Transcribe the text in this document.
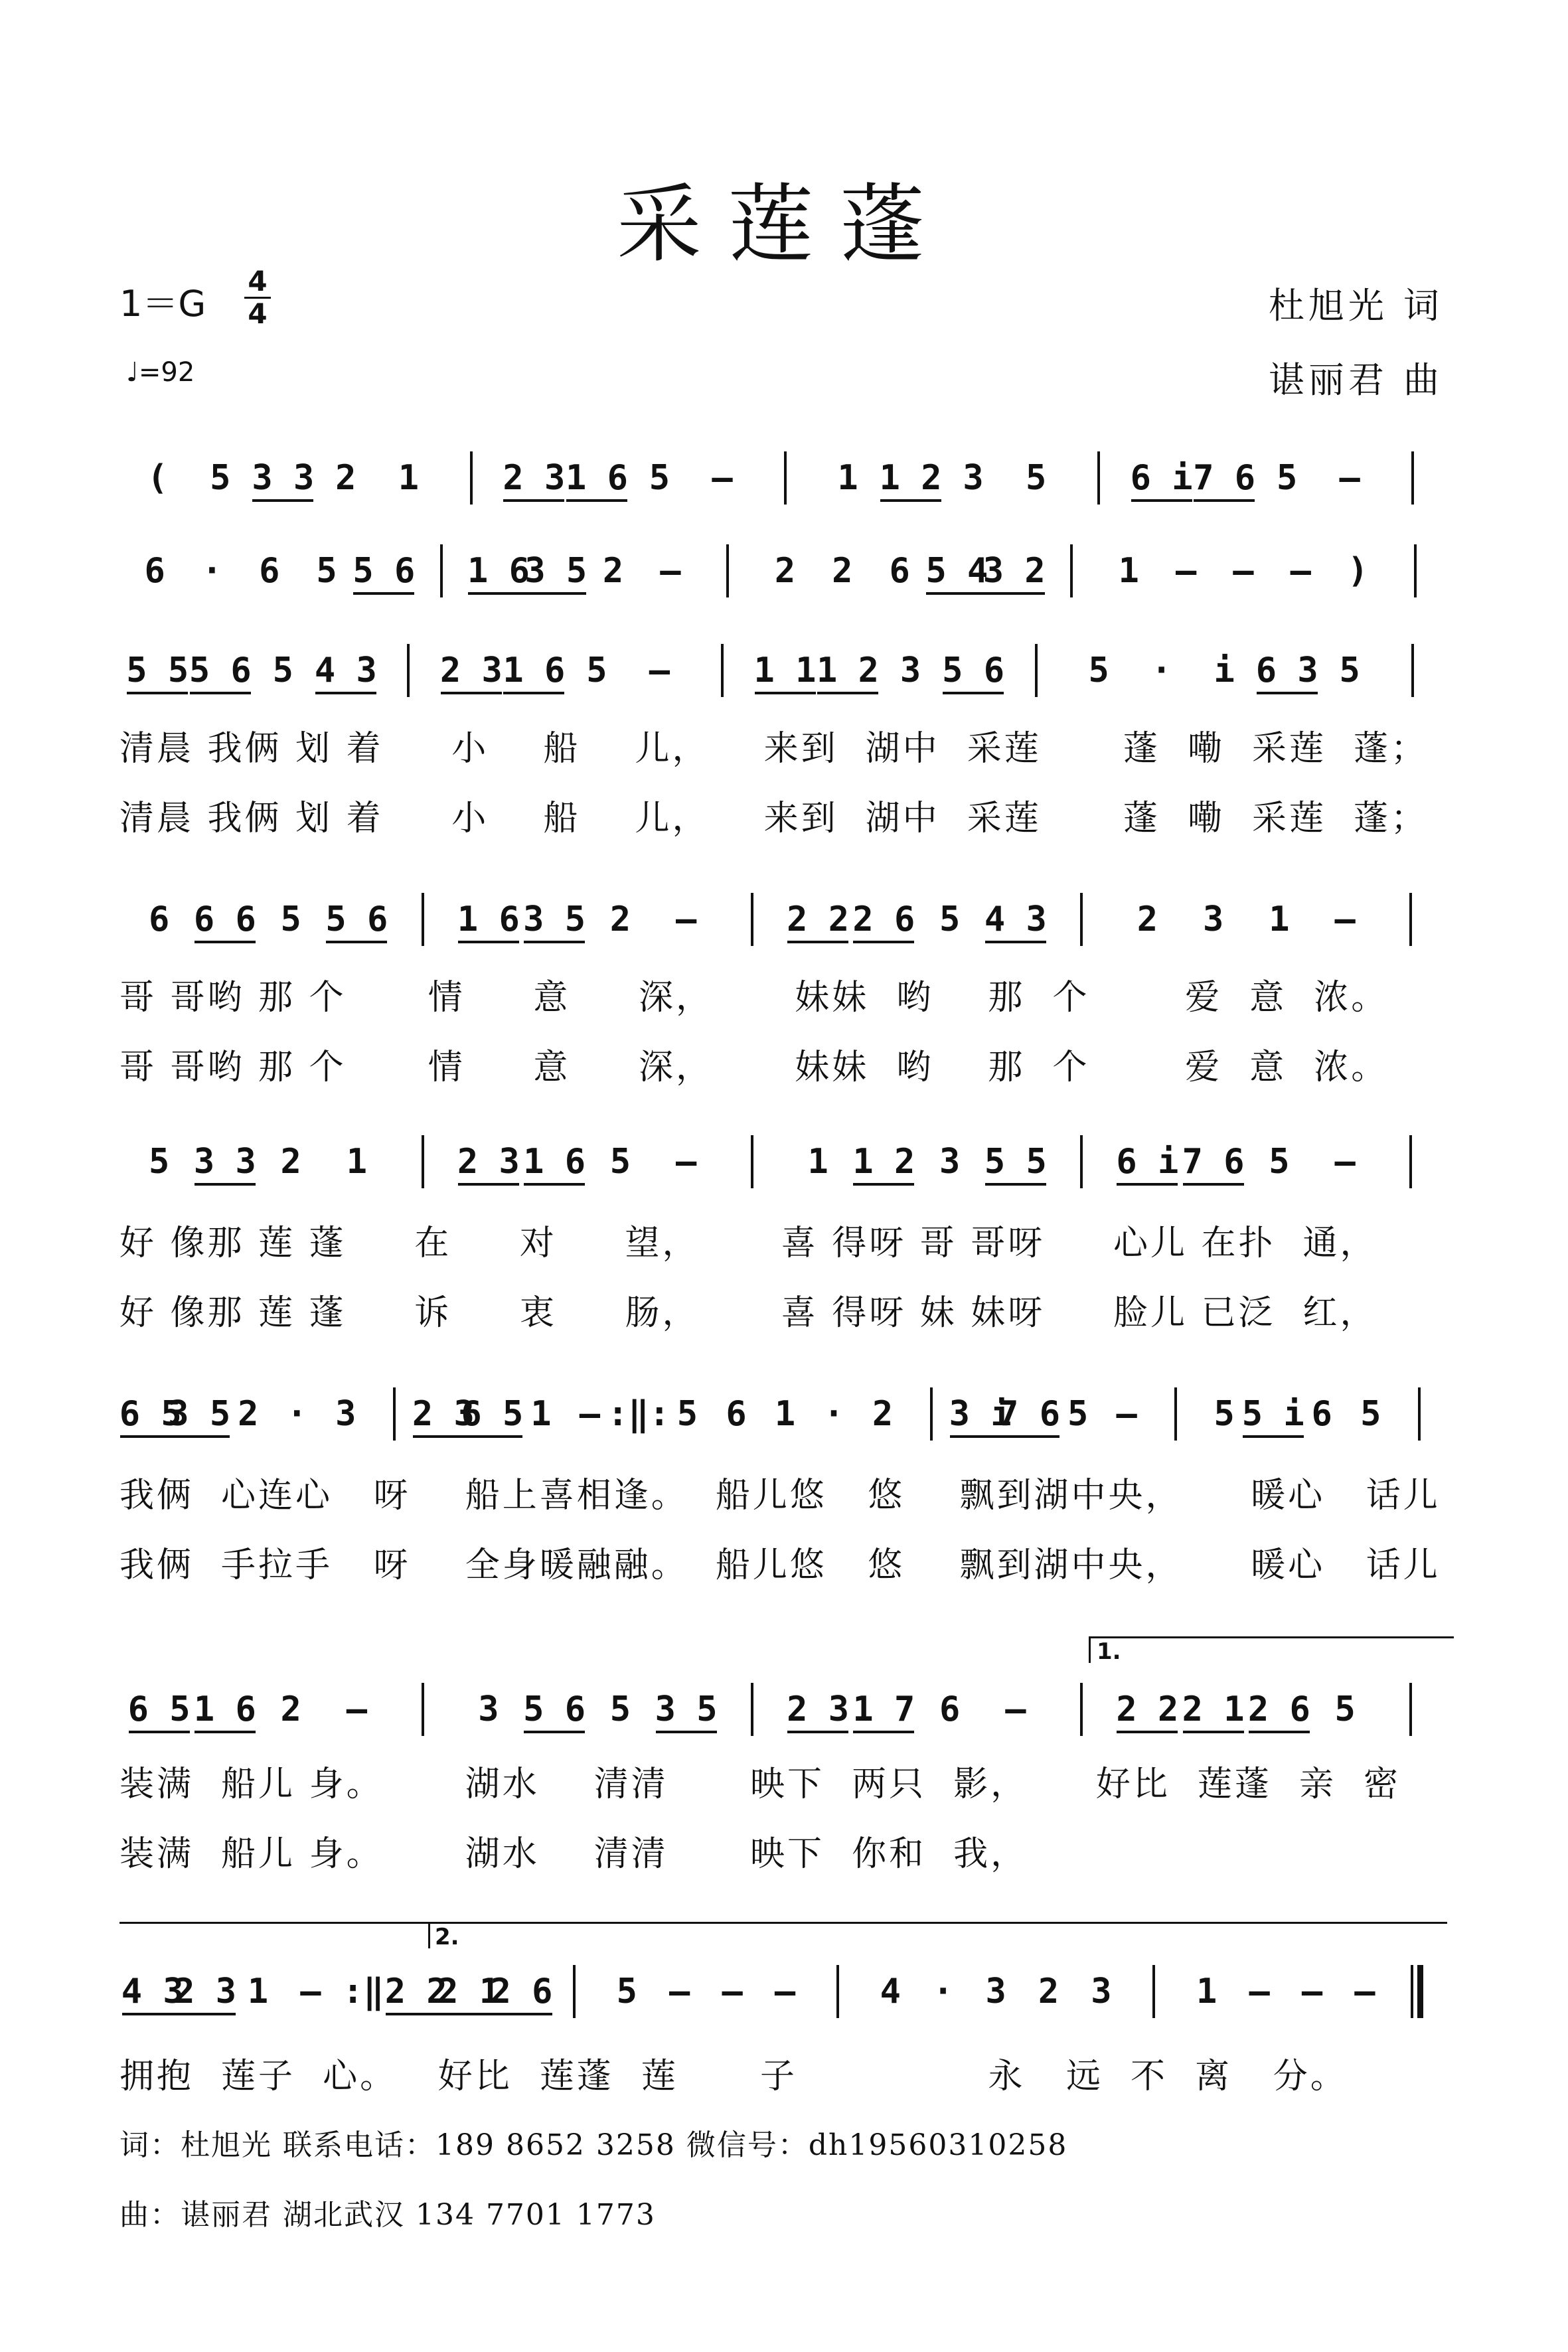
采莲蓬
1＝G
4
4
♩=92
杜旭光 词
谌丽君 曲
( 5 3 3 2 1 2 3 1 6 5 –	1 1 2 3 5 6 i 7 6 5 –
6 · 6 5 5 6 1 6
3 5 2 –	2 2 6 5 4
3 2 1 – – – )
5 5 5 6 5 4 3 2 3 1 6 5 – 1 1 1 2 3 5 6 5 · i 6 3 5
清晨 我俩 划 着     小    船    儿，    来到  湖中  采莲      蓬  嘞  采莲  蓬；
清晨 我俩 划 着     小    船    儿，    来到  湖中  采莲      蓬  嘞  采莲  蓬；
6 6 6 5 5 6 1 6 3 5 2 –	2 2 2 6 5 4 3	2 3 1 –
哥 哥哟 那 个      情     意     深，      妹妹  哟    那  个       爱  意  浓。
哥 哥哟 那 个      情     意     深，      妹妹  哟    那  个       爱  意  浓。
5 3 3 2 1	2 3 1 6 5 –	1 1 2 3 5 5 6 i 7 6 5 –
好 像那 莲 蓬     在     对     望，      喜 得呀 哥 哥呀     心儿 在扑  通，
好 像那 莲 蓬     诉     衷     肠，      喜 得呀 妹 妹呀     脸儿 已泛  红，
6 5
3 5 2 · 3 2 3
6 5 1 – :‖: 5 6 1 · 2 3 i
7 6 5 – 5 5 i 6 5
我俩  心连心   呀    船上喜相逢。  船儿悠   悠    飘到湖中央，     暖心   话儿
我俩  手拉手   呀    全身暖融融。  船儿悠   悠    飘到湖中央，     暖心   话儿
6 5 1 6 2 –	3 5 6 5 3 5 2 3 1 7 6 –	2 2 2 1 2 6 5
装满  船儿 身。      湖水    清清      映下  两只  影，     好比  莲蓬  亲  密
装满  船儿 身。      湖水    清清      映下  你和  我，
4 3
2 3 1 – :‖ 2 2
2 1
2 6 5 – – – 4 · 3 2 3 1 – – –
拥抱  莲子  心。   好比  莲蓬  莲      子              永   远  不  离   分。
1.
2.
词：杜旭光 联系电话：189 8652 3258 微信号：dh19560310258
曲：谌丽君 湖北武汉 134 7701 1773
